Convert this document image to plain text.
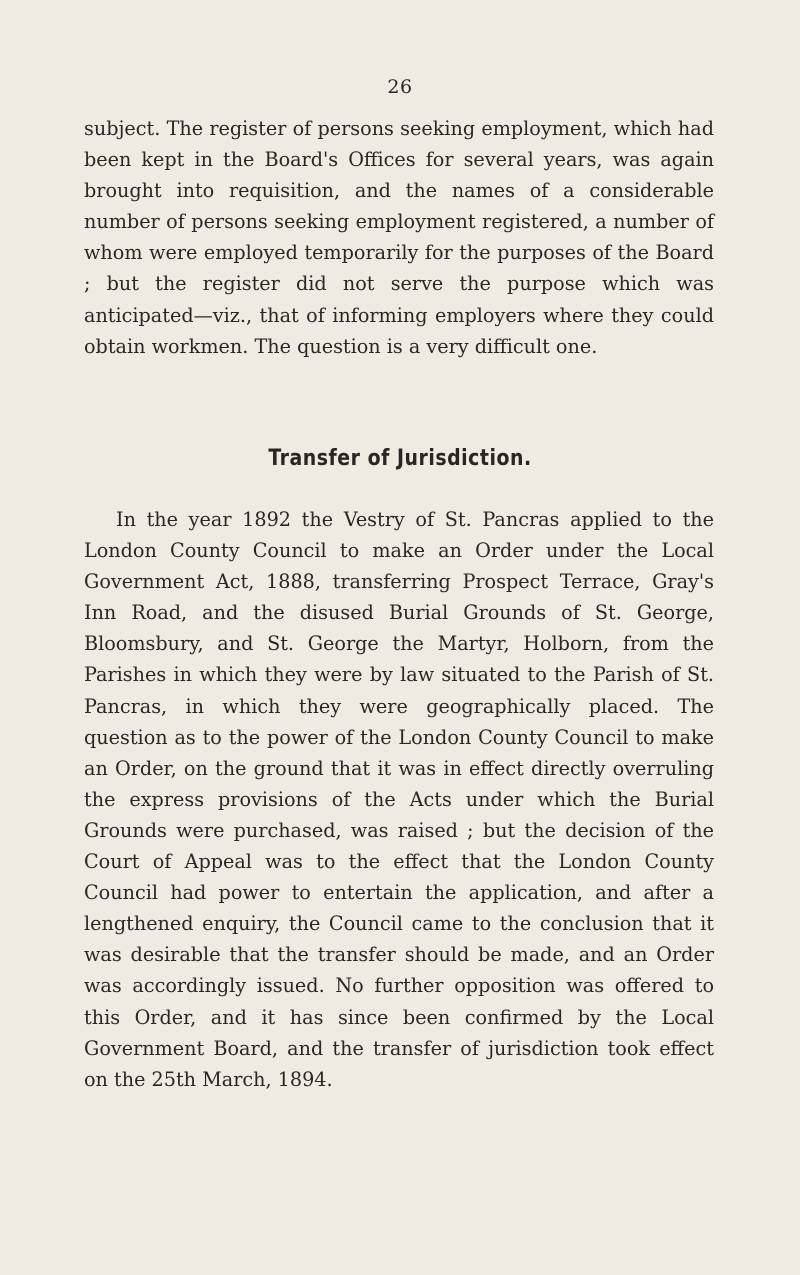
26

subject. The register of persons seeking employment, which had been kept in the Board's Offices for several years, was again brought into requisition, and the names of a considerable number of persons seeking employment registered, a number of whom were employed temporarily for the purposes of the Board ; but the register did not serve the purpose which was anticipated—viz., that of informing employers where they could obtain workmen. The question is a very difficult one.

Transfer of Jurisdiction.

In the year 1892 the Vestry of St. Pancras applied to the London County Council to make an Order under the Local Government Act, 1888, transferring Prospect Terrace, Gray's Inn Road, and the disused Burial Grounds of St. George, Bloomsbury, and St. George the Martyr, Holborn, from the Parishes in which they were by law situated to the Parish of St. Pancras, in which they were geographically placed. The question as to the power of the London County Council to make an Order, on the ground that it was in effect directly overruling the express provisions of the Acts under which the Burial Grounds were purchased, was raised ; but the decision of the Court of Appeal was to the effect that the London County Council had power to entertain the application, and after a lengthened enquiry, the Council came to the conclusion that it was desirable that the transfer should be made, and an Order was accordingly issued. No further opposition was offered to this Order, and it has since been confirmed by the Local Government Board, and the transfer of jurisdiction took effect on the 25th March, 1894.
